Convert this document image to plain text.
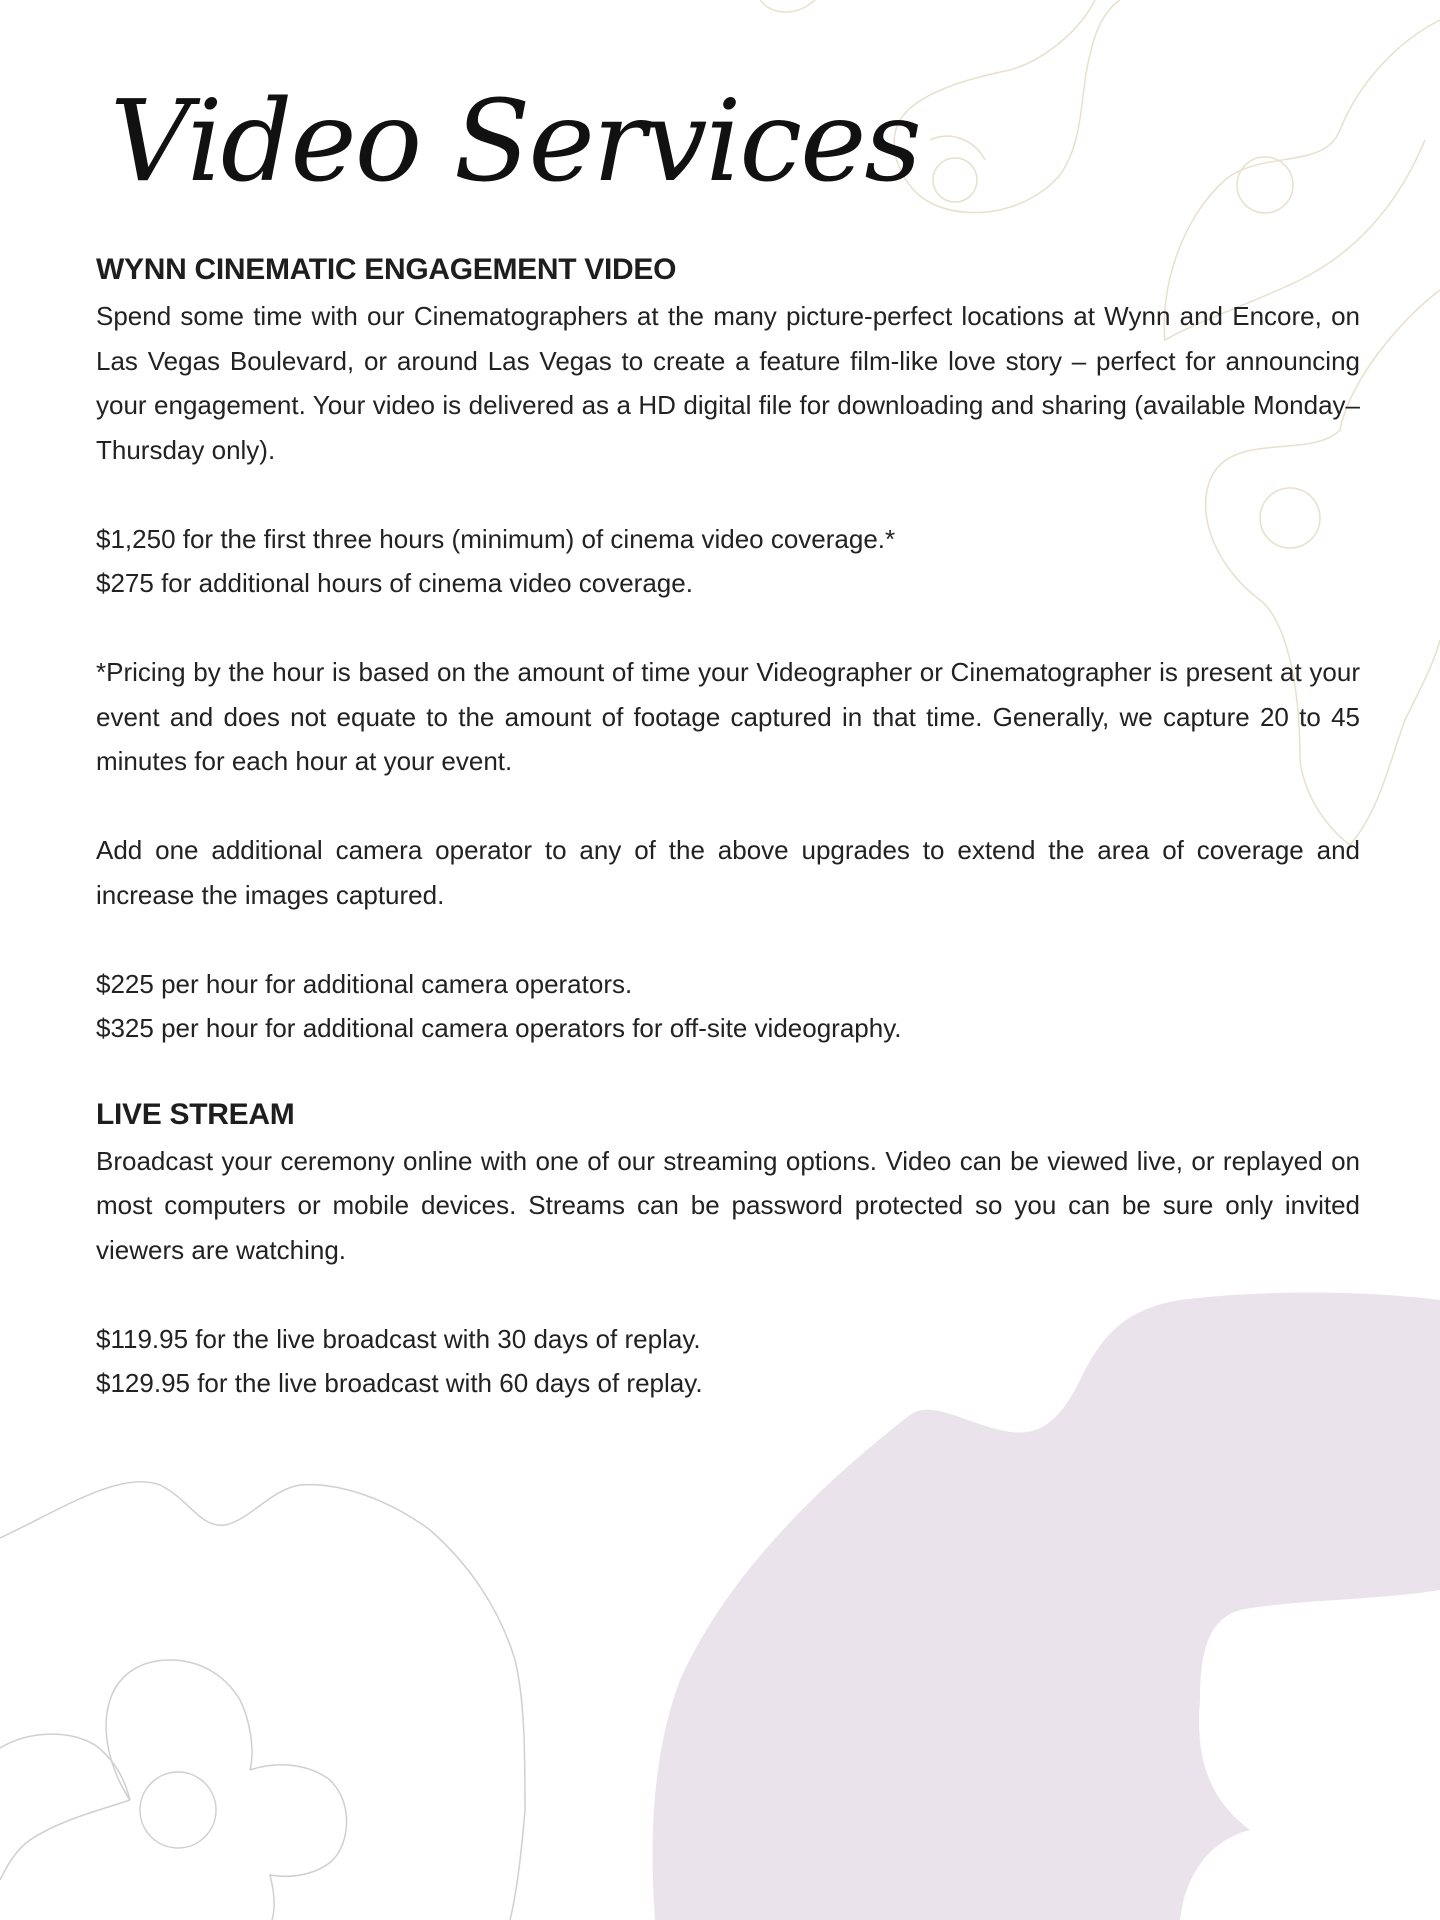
Video Services
WYNN CINEMATIC ENGAGEMENT VIDEO

Spend some time with our Cinematographers at the many picture-perfect locations at Wynn and Encore, on Las Vegas Boulevard, or around Las Vegas to create a feature film-like love story – perfect for announcing your engagement. Your video is delivered as a HD digital file for downloading and sharing (available Monday–Thursday only).

$1,250 for the first three hours (minimum) of cinema video coverage.*

$275 for additional hours of cinema video coverage.

*Pricing by the hour is based on the amount of time your Videographer or Cinematographer is present at your event and does not equate to the amount of footage captured in that time. Generally, we capture 20 to 45 minutes for each hour at your event.

Add one additional camera operator to any of the above upgrades to extend the area of coverage and increase the images captured.

$225 per hour for additional camera operators.

$325 per hour for additional camera operators for off-site videography.

LIVE STREAM

Broadcast your ceremony online with one of our streaming options. Video can be viewed live, or replayed on most computers or mobile devices. Streams can be password protected so you can be sure only invited viewers are watching.

$119.95 for the live broadcast with 30 days of replay.

$129.95 for the live broadcast with 60 days of replay.
